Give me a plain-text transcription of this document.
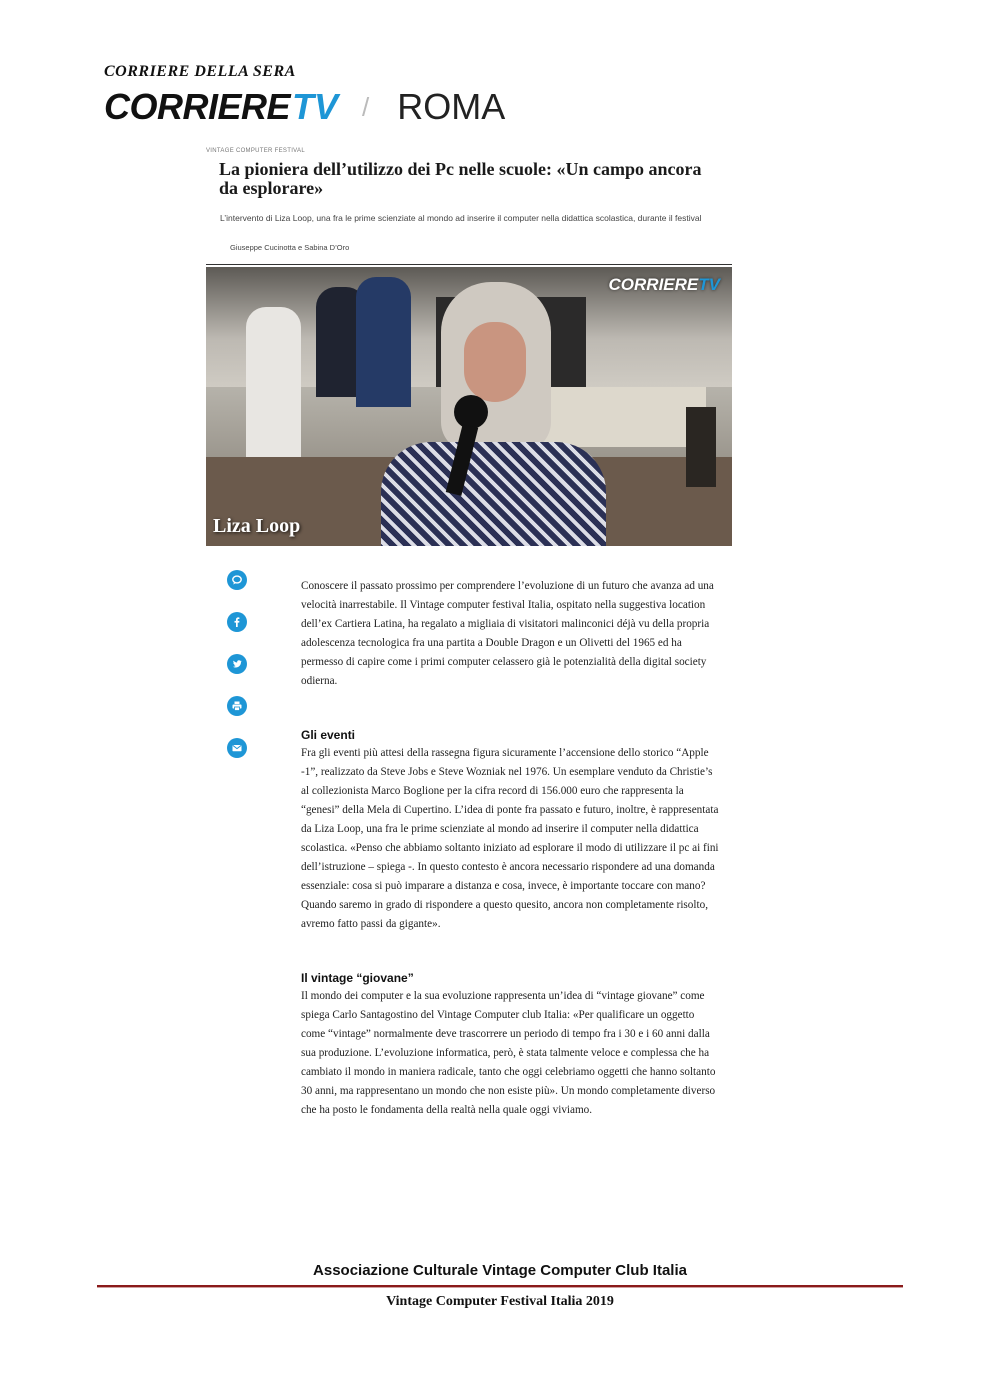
CORRIERE DELLA SERA
CORRIERE TV / ROMA
VINTAGE COMPUTER FESTIVAL
La pioniera dell’utilizzo dei Pc nelle scuole: «Un campo ancora da esplorare»
L’intervento di Liza Loop, una fra le prime scienziate al mondo ad inserire il computer nella didattica scolastica, durante il festival
Giuseppe Cucinotta e Sabina D’Oro
CORRIERETV
Liza Loop

Conoscere il passato prossimo per comprendere l’evoluzione di un futuro che avanza ad una velocità inarrestabile. Il Vintage computer festival Italia, ospitato nella suggestiva location dell’ex Cartiera Latina, ha regalato a migliaia di visitatori malinconici déjà vu della propria adolescenza tecnologica fra una partita a Double Dragon e un Olivetti del 1965 ed ha permesso di capire come i primi computer celassero già le potenzialità della digital society odierna.

Gli eventi

Fra gli eventi più attesi della rassegna figura sicuramente l’accensione dello storico “Apple -1”, realizzato da Steve Jobs e Steve Wozniak nel 1976. Un esemplare venduto da Christie’s al collezionista Marco Boglione per la cifra record di 156.000 euro che rappresenta la “genesi” della Mela di Cupertino. L’idea di ponte fra passato e futuro, inoltre, è rappresentata da Liza Loop, una fra le prime scienziate al mondo ad inserire il computer nella didattica scolastica. «Penso che abbiamo soltanto iniziato ad esplorare il modo di utilizzare il pc ai fini dell’istruzione – spiega -. In questo contesto è ancora necessario rispondere ad una domanda essenziale: cosa si può imparare a distanza e cosa, invece, è importante toccare con mano? Quando saremo in grado di rispondere a questo quesito, ancora non completamente risolto, avremo fatto passi da gigante».

Il vintage “giovane”

Il mondo dei computer e la sua evoluzione rappresenta un’idea di “vintage giovane” come spiega Carlo Santagostino del Vintage Computer club Italia: «Per qualificare un oggetto come “vintage” normalmente deve trascorrere un periodo di tempo fra i 30 e i 60 anni dalla sua produzione. L’evoluzione informatica, però, è stata talmente veloce e complessa che ha cambiato il mondo in maniera radicale, tanto che oggi celebriamo oggetti che hanno soltanto 30 anni, ma rappresentano un mondo che non esiste più». Un mondo completamente diverso che ha posto le fondamenta della realtà nella quale oggi viviamo.

Associazione Culturale Vintage Computer Club Italia
Vintage Computer Festival Italia 2019
